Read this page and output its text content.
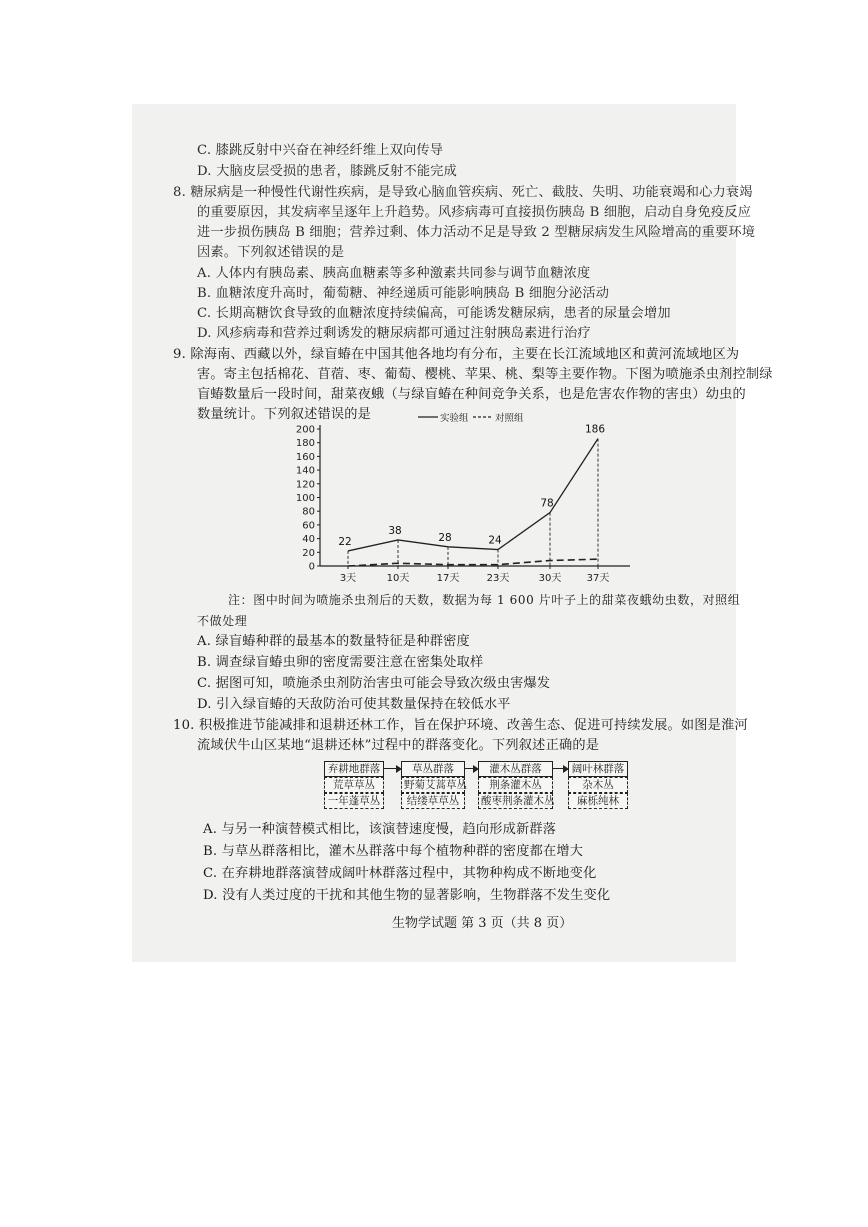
C. 膝跳反射中兴奋在神经纤维上双向传导
D. 大脑皮层受损的患者，膝跳反射不能完成
8. 糖尿病是一种慢性代谢性疾病，是导致心脑血管疾病、死亡、截肢、失明、功能衰竭和心力衰竭
的重要原因，其发病率呈逐年上升趋势。风疹病毒可直接损伤胰岛 B 细胞，启动自身免疫反应
进一步损伤胰岛 B 细胞；营养过剩、体力活动不足是导致 2 型糖尿病发生风险增高的重要环境
因素。下列叙述错误的是
A. 人体内有胰岛素、胰高血糖素等多种激素共同参与调节血糖浓度
B. 血糖浓度升高时，葡萄糖、神经递质可能影响胰岛 B 细胞分泌活动
C. 长期高糖饮食导致的血糖浓度持续偏高，可能诱发糖尿病，患者的尿量会增加
D. 风疹病毒和营养过剩诱发的糖尿病都可通过注射胰岛素进行治疗
9. 除海南、西藏以外，绿盲蝽在中国其他各地均有分布，主要在长江流域地区和黄河流域地区为
害。寄主包括棉花、苜蓿、枣、葡萄、樱桃、苹果、桃、梨等主要作物。下图为喷施杀虫剂控制绿
盲蝽数量后一段时间，甜菜夜蛾（与绿盲蝽在种间竞争关系，也是危害农作物的害虫）幼虫的
数量统计。下列叙述错误的是
0
20
40
60
80
100
120
140
160
180
200
3天	10天	17天	23天	30天	37天
22
38
28	24
78
186
实验组	对照组
注：图中时间为喷施杀虫剂后的天数，数据为每 1 600 片叶子上的甜菜夜蛾幼虫数，对照组
不做处理
A. 绿盲蝽种群的最基本的数量特征是种群密度
B. 调查绿盲蝽虫卵的密度需要注意在密集处取样
C. 据图可知，喷施杀虫剂防治害虫可能会导致次级虫害爆发
D. 引入绿盲蝽的天敌防治可使其数量保持在较低水平
10. 积极推进节能减排和退耕还林工作，旨在保护环境、改善生态、促进可持续发展。如图是淮河
流域伏牛山区某地“退耕还林”过程中的群落变化。下列叙述正确的是
弃耕地群落
荒草草丛
一年蓬草丛
草丛群落
野菊艾蒿草丛
结缕草草丛
灌木丛群落
荆条灌木丛
酸枣荆条灌木丛
阔叶林群落
杂木丛
麻栎纯林
A. 与另一种演替模式相比，该演替速度慢，趋向形成新群落
B. 与草丛群落相比，灌木丛群落中每个植物种群的密度都在增大
C. 在弃耕地群落演替成阔叶林群落过程中，其物种构成不断地变化
D. 没有人类过度的干扰和其他生物的显著影响，生物群落不发生变化
生物学试题 第 3 页（共 8 页）
